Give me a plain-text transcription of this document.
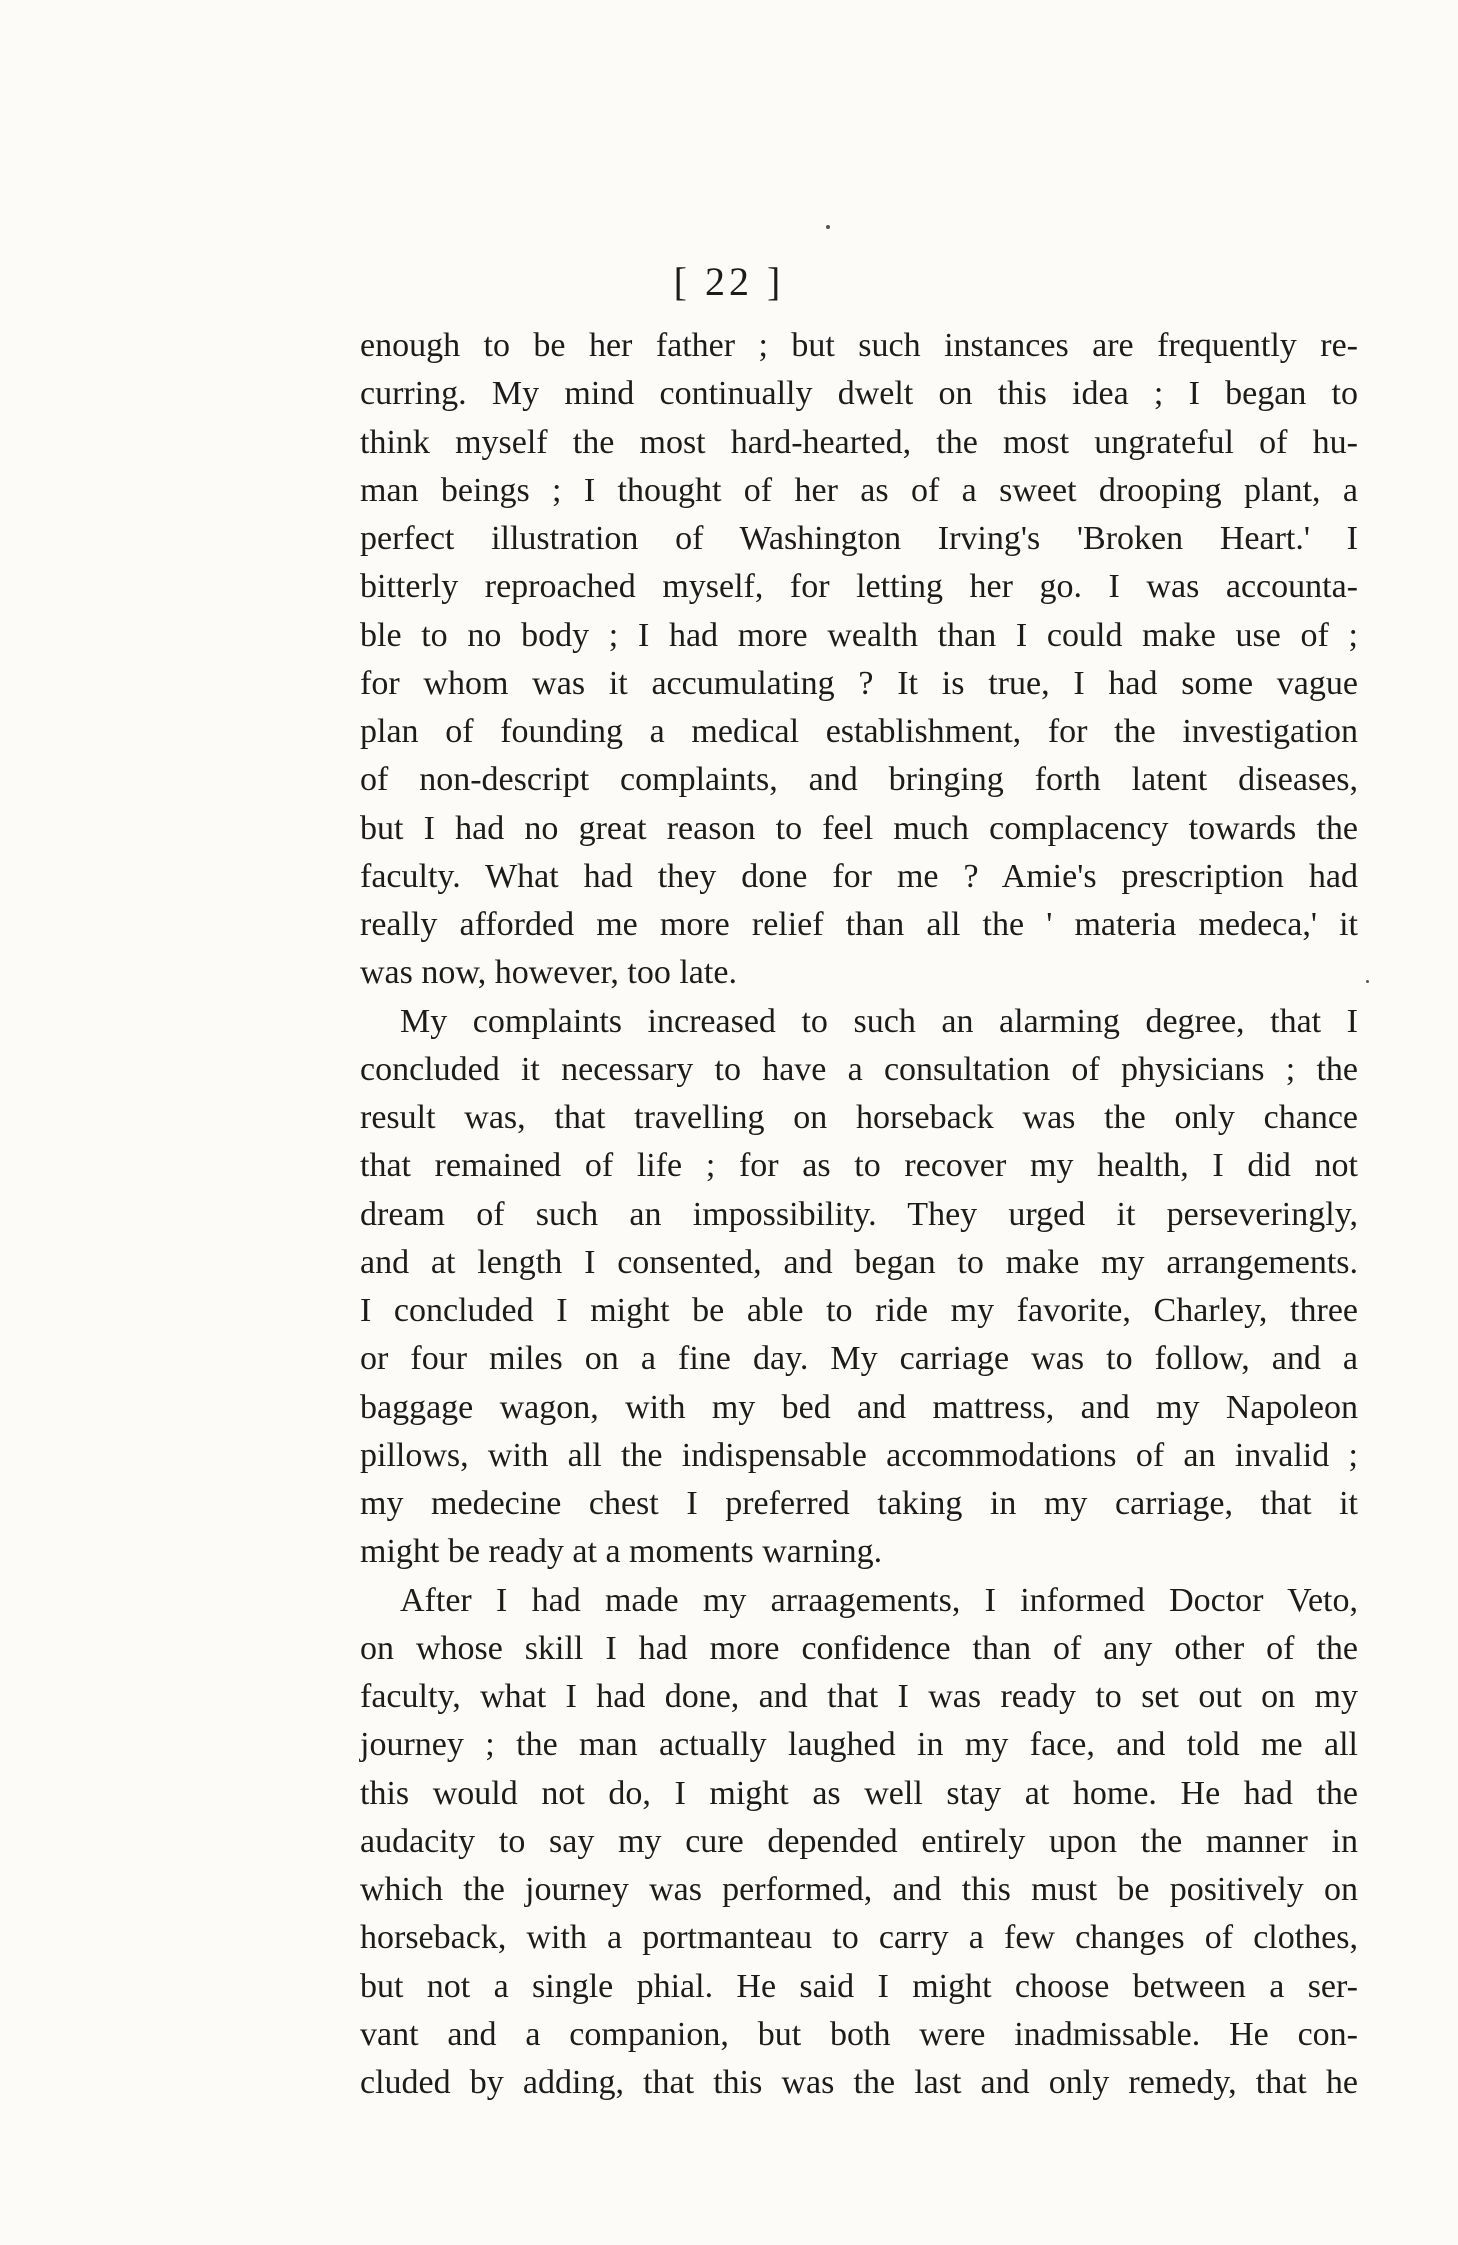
[ 22 ]
enough to be her father ; but such instances are frequently re-
curring. My mind continually dwelt on this idea ; I began to
think myself the most hard-hearted, the most ungrateful of hu-
man beings ; I thought of her as of a sweet drooping plant, a
perfect illustration of Washington Irving's 'Broken Heart.' I
bitterly reproached myself, for letting her go. I was accounta-
ble to no body ; I had more wealth than I could make use of ;
for whom was it accumulating ? It is true, I had some vague
plan of founding a medical establishment, for the investigation
of non-descript complaints, and bringing forth latent diseases,
but I had no great reason to feel much complacency towards the
faculty. What had they done for me ? Amie's prescription had
really afforded me more relief than all the ' materia medeca,' it
was now, however, too late.
My complaints increased to such an alarming degree, that I
concluded it necessary to have a consultation of physicians ; the
result was, that travelling on horseback was the only chance
that remained of life ; for as to recover my health, I did not
dream of such an impossibility. They urged it perseveringly,
and at length I consented, and began to make my arrangements.
I concluded I might be able to ride my favorite, Charley, three
or four miles on a fine day. My carriage was to follow, and a
baggage wagon, with my bed and mattress, and my Napoleon
pillows, with all the indispensable accommodations of an invalid ;
my medecine chest I preferred taking in my carriage, that it
might be ready at a moments warning.
After I had made my arraagements, I informed Doctor Veto,
on whose skill I had more confidence than of any other of the
faculty, what I had done, and that I was ready to set out on my
journey ; the man actually laughed in my face, and told me all
this would not do, I might as well stay at home. He had the
audacity to say my cure depended entirely upon the manner in
which the journey was performed, and this must be positively on
horseback, with a portmanteau to carry a few changes of clothes,
but not a single phial. He said I might choose between a ser-
vant and a companion, but both were inadmissable. He con-
cluded by adding, that this was the last and only remedy, that he
